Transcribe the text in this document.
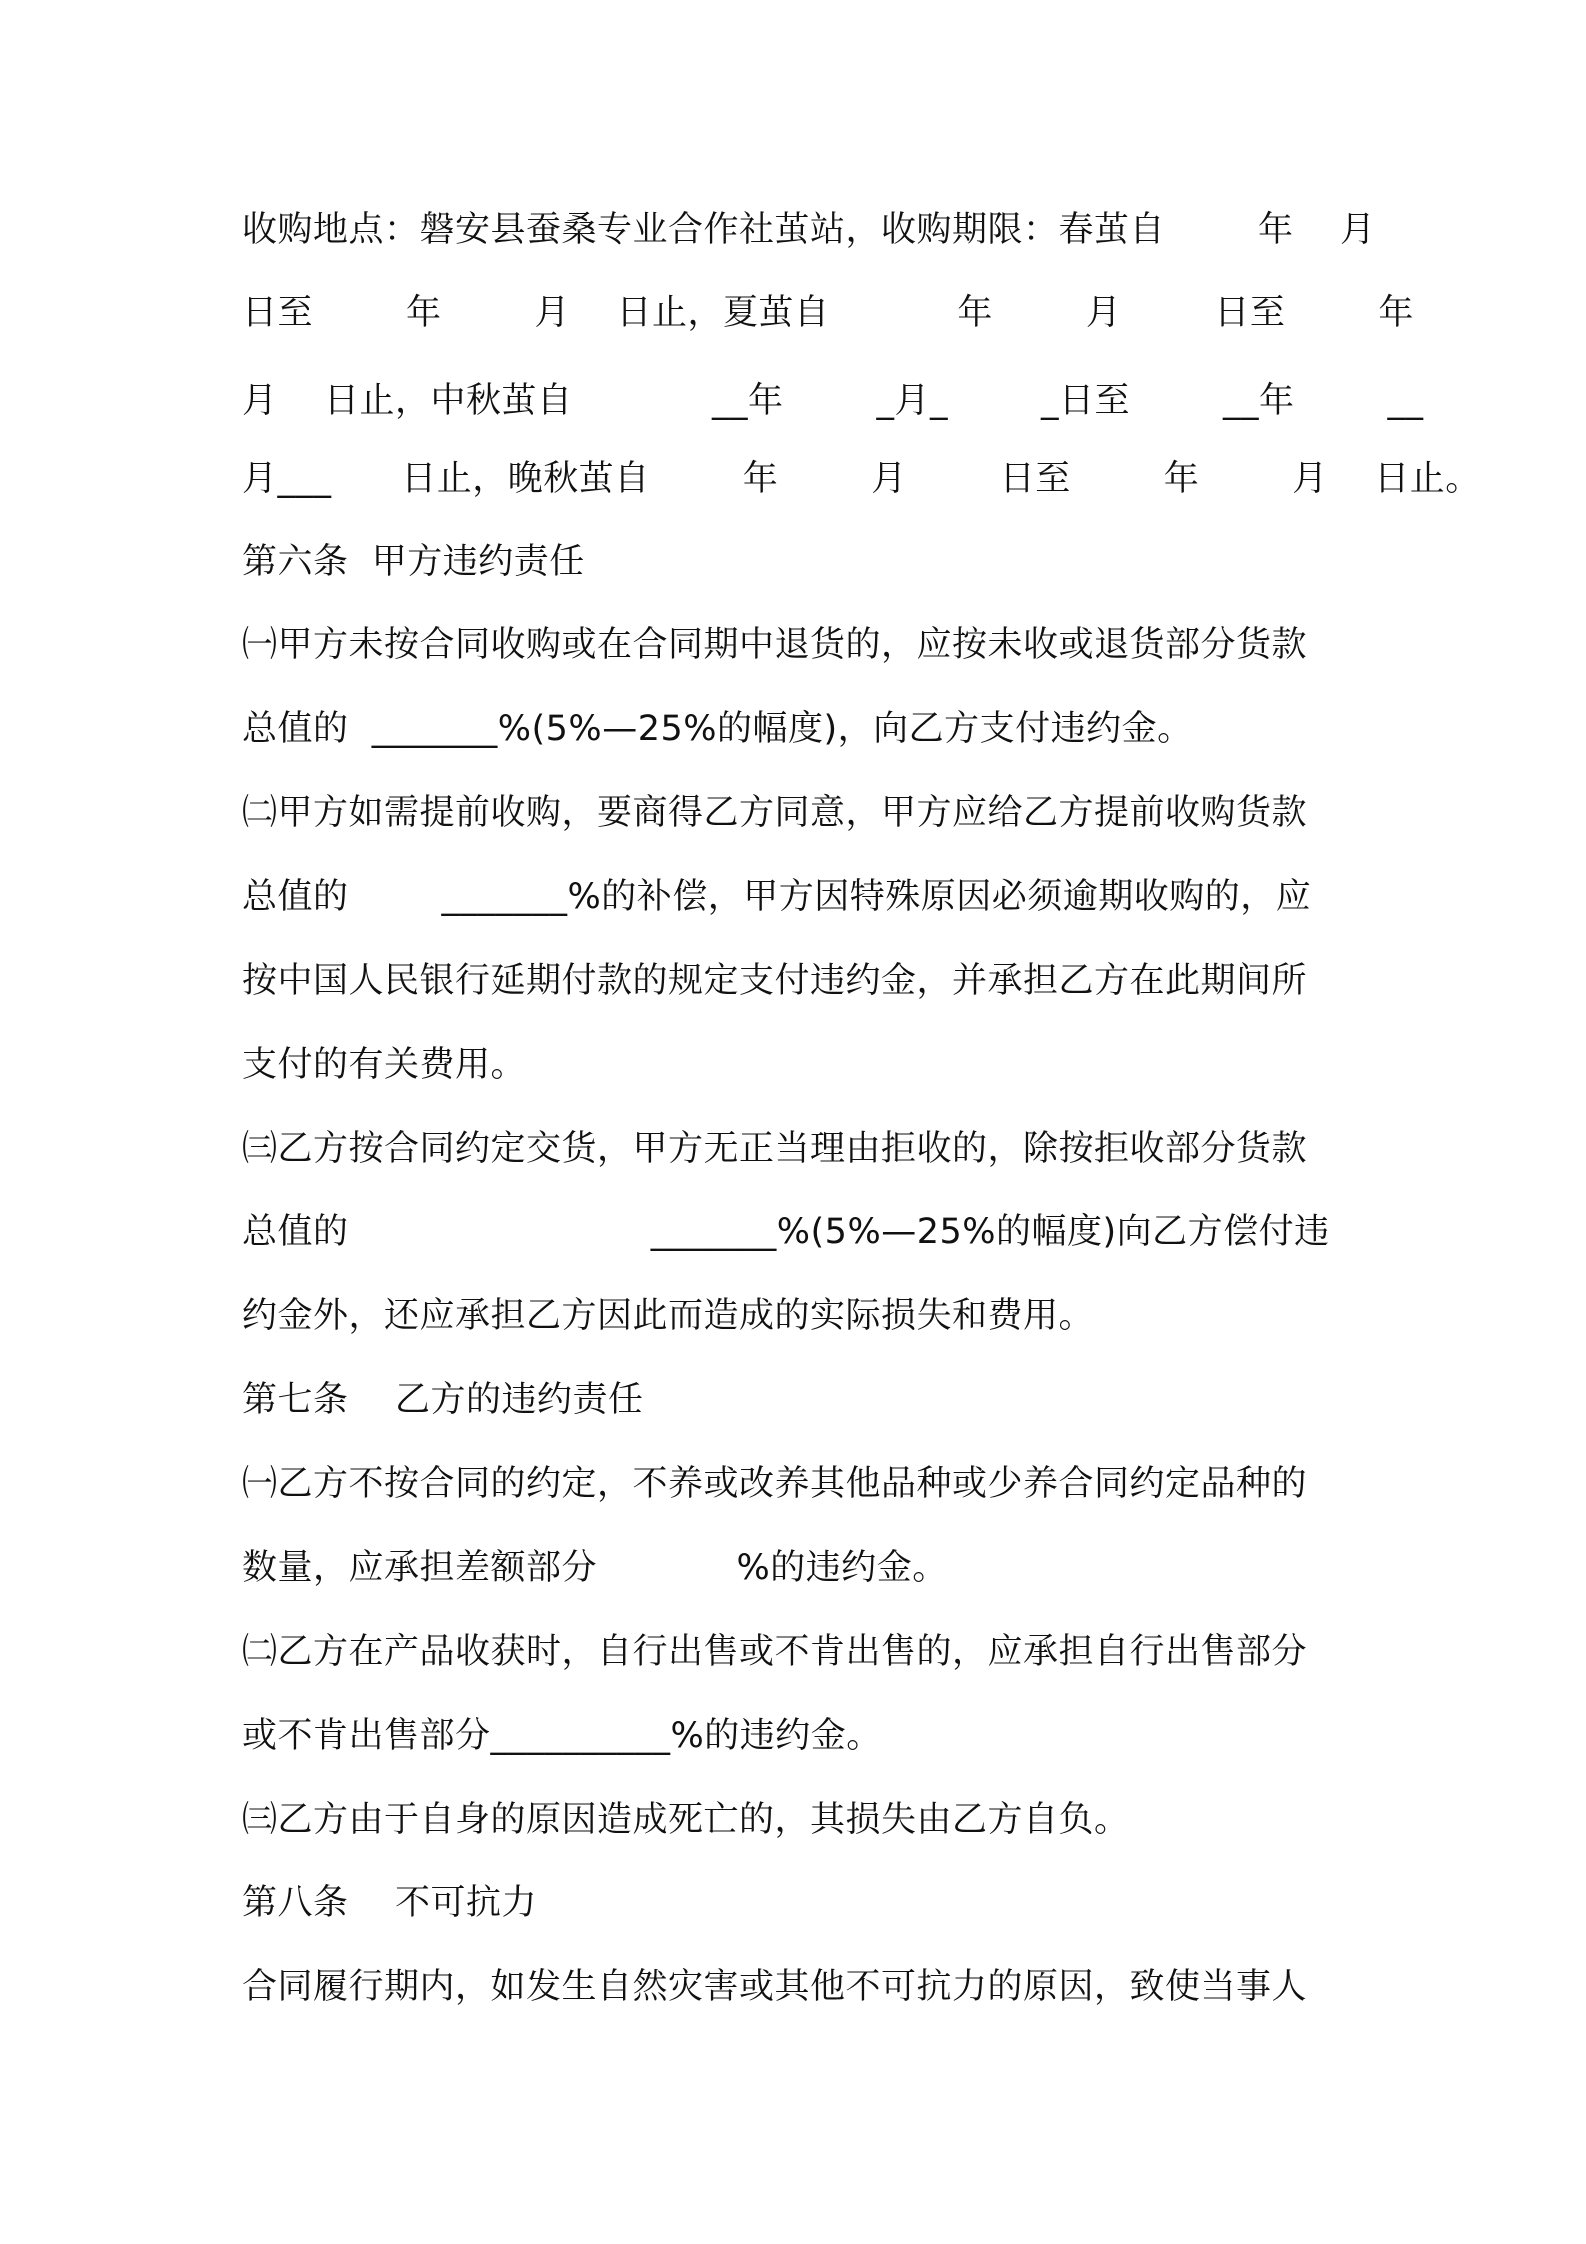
收购地点：磐安县蚕桑专业合作社茧站，收购期限：春茧自        年    月
日至        年        月    日止，夏茧自           年        月        日至        年
月    日止，中秋茧自            __年        _月_        _日至        __年        __
月___      日止，晚秋茧自        年        月        日至        年        月    日止。
第六条  甲方违约责任
㈠甲方未按合同收购或在合同期中退货的，应按未收或退货部分货款
总值的  _______%(5%—25%的幅度)，向乙方支付违约金。
㈡甲方如需提前收购，要商得乙方同意，甲方应给乙方提前收购货款
总值的        _______%的补偿，甲方因特殊原因必须逾期收购的，应
按中国人民银行延期付款的规定支付违约金，并承担乙方在此期间所
支付的有关费用。
㈢乙方按合同约定交货，甲方无正当理由拒收的，除按拒收部分货款
总值的                          _______%(5%—25%的幅度)向乙方偿付违
约金外，还应承担乙方因此而造成的实际损失和费用。
第七条    乙方的违约责任
㈠乙方不按合同的约定，不养或改养其他品种或少养合同约定品种的
数量，应承担差额部分            %的违约金。
㈡乙方在产品收获时，自行出售或不肯出售的，应承担自行出售部分
或不肯出售部分__________%的违约金。
㈢乙方由于自身的原因造成死亡的，其损失由乙方自负。
第八条    不可抗力
合同履行期内，如发生自然灾害或其他不可抗力的原因，致使当事人
